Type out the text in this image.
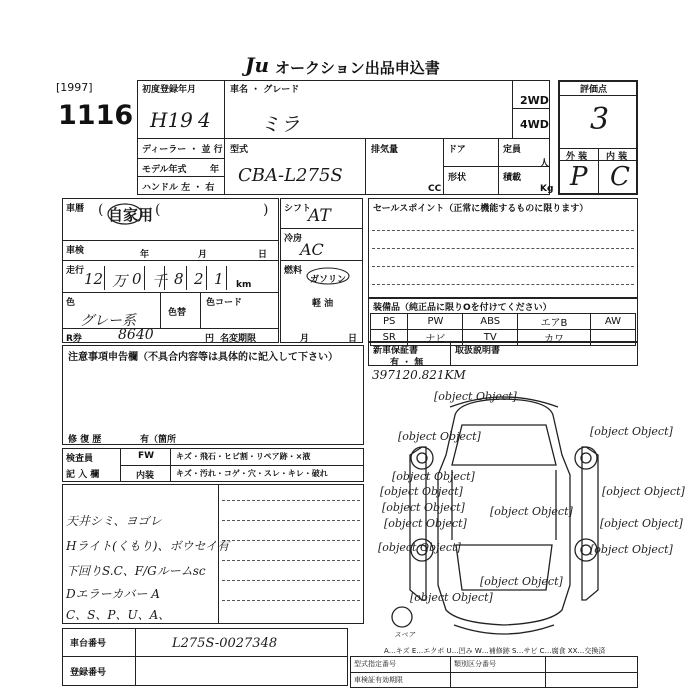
Ju オークション出品申込書
[1997]
1116
初度登録年月
H19 4
車名 ・ グレード
ミラ
2WD
4WD
ディーラー ・ 並 行
モデル年式	年
ハンドル 左 ・ 右
型式
CBA-L275S
排気量
CC
ドア	定員
人
形状	積載
Kg
評価点
3
外 装 内 装
P C
車暦 ( 自家用 (	)
車検	年	月	日
走行 12 万 0 千 8 2 1 km
色
グレー系	色替
色コード
R券	8640	円
シフト
AT
冷房
AC
燃料
ガソリン
軽 油
名変期限	月	日
セールスポイント（正常に機能するものに限ります）
装備品（純正品に限りOを付けてください）
PS	PW	ABS	エアB	AW
SR	ナビ	TV	カワ	
新車保証書
有 ・ 無
取扱説明書
注意事項申告欄（不具合内容等は具体的に記入して下さい）
修 復 歴	有（箇所
検査員
記 入 欄
FW	キズ・飛石・ヒビ割・リペア跡・×液
内装	キズ・汚れ・コゲ・穴・スレ・キレ・破れ
天井シミ、ヨゴレ
Hライト(くもり)、ボウセイ有
下回りS.C、F/Gルームsc
Dエラーカバー A
C、S、P、U、A、
車台番号	L275S-0027348
登録番号
397120.821KM
[object Object]
[object Object]	[object Object]
[object Object]
[object Object]
[object Object]
[object Object]
[object Object]
[object Object]	[object Object]
[object Object]	[object Object]
[object Object]
[object Object]
スペア
A…キズ E…エクボ U…凹み W…補修跡 S…サビ C…腐食 XX…交換済
型式指定番号	類別区分番号
車検証有効期限
